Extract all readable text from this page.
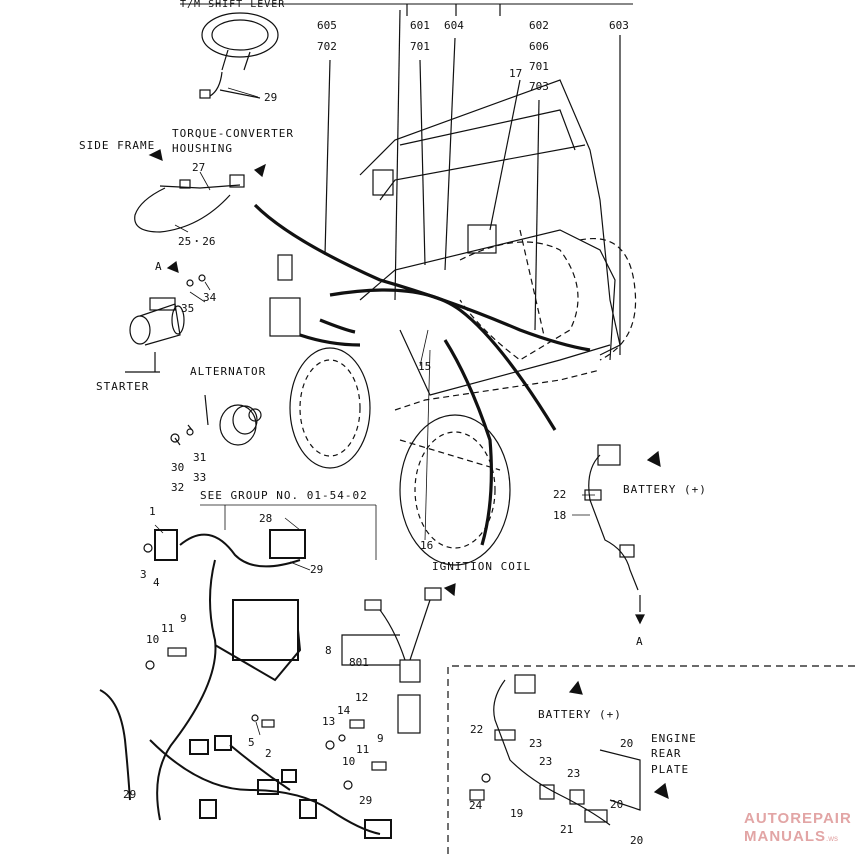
T/M SHIFT LEVER
SIDE FRAME
TORQUE-CONVERTER
HOUSHING
STARTER
ALTERNATOR
SEE GROUP NO. 01-54-02
IGNITION COIL
BATTERY (+)
BATTERY (+)
ENGINE
REAR
PLATE
A
A
605
702
601
701
604	602
606
701
703
603
17
29
27
25・26
34
35
15
16
30
32
31
33
1
3
4
28
29
9
11
10
12
13
14
9
11
10
5
2
29	29
8
801
22
18
22
23
23
23
24
19
21
20
20
20
AUTOREPAIR
MANUALS .ws
